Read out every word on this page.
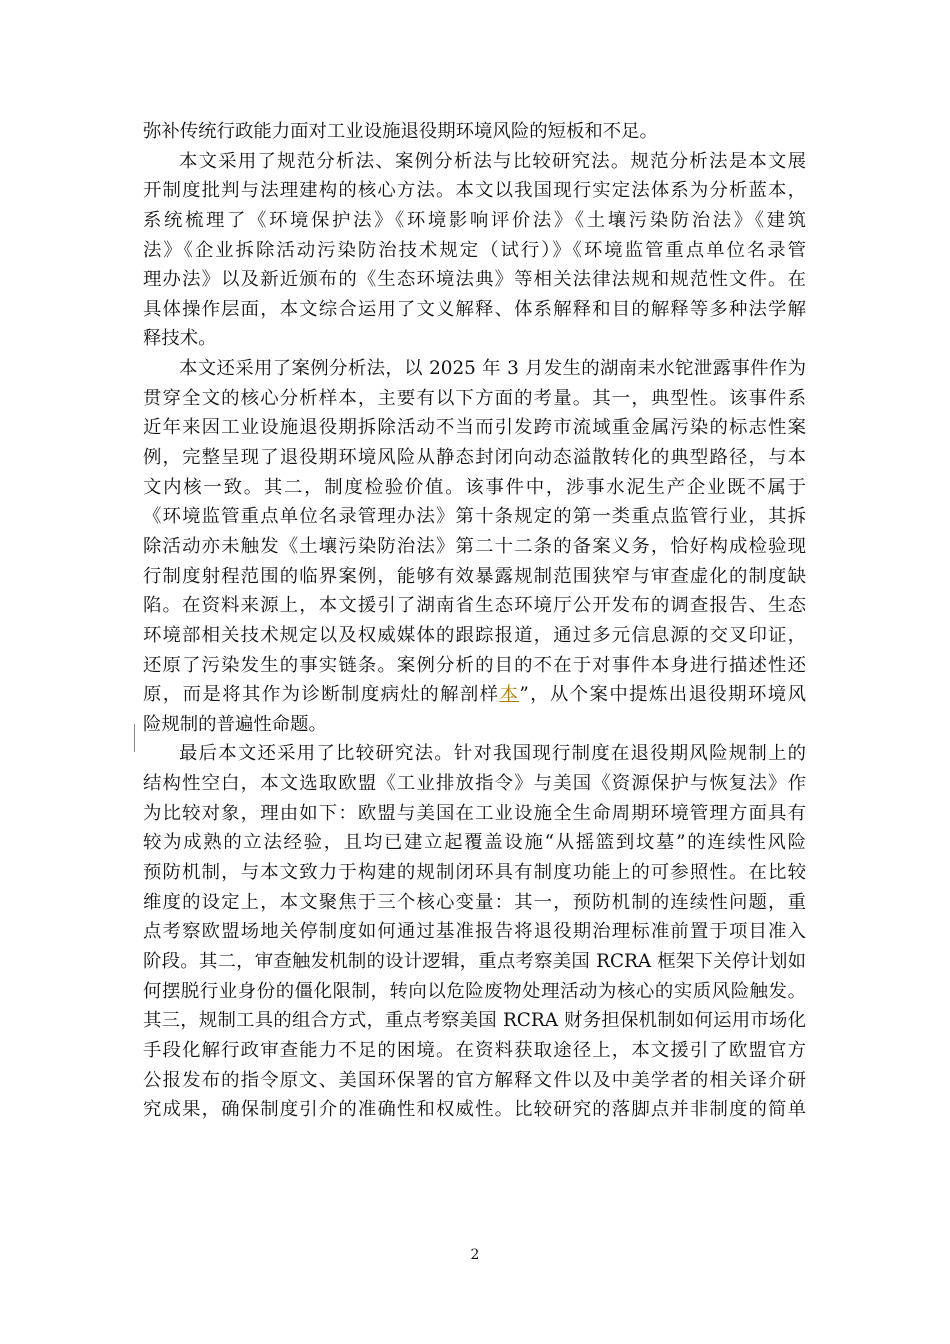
弥补传统行政能力面对工业设施退役期环境风险的短板和不足。
本文采用了规范分析法、案例分析法与比较研究法。规范分析法是本文展
开制度批判与法理建构的核心方法。本文以我国现行实定法体系为分析蓝本，
系统梳理了《环境保护法》《环境影响评价法》《土壤污染防治法》《建筑
法》《企业拆除活动污染防治技术规定（试行）》《环境监管重点单位名录管
理办法》以及新近颁布的《生态环境法典》等相关法律法规和规范性文件。在
具体操作层面，本文综合运用了文义解释、体系解释和目的解释等多种法学解
释技术。
本文还采用了案例分析法，以 2025 年 3 月发生的湖南耒水铊泄露事件作为
贯穿全文的核心分析样本，主要有以下方面的考量。其一，典型性。该事件系
近年来因工业设施退役期拆除活动不当而引发跨市流域重金属污染的标志性案
例，完整呈现了退役期环境风险从静态封闭向动态溢散转化的典型路径，与本
文内核一致。其二，制度检验价值。该事件中，涉事水泥生产企业既不属于
《环境监管重点单位名录管理办法》第十条规定的第一类重点监管行业，其拆
除活动亦未触发《土壤污染防治法》第二十二条的备案义务，恰好构成检验现
行制度射程范围的临界案例，能够有效暴露规制范围狭窄与审查虚化的制度缺
陷。在资料来源上，本文援引了湖南省生态环境厅公开发布的调查报告、生态
环境部相关技术规定以及权威媒体的跟踪报道，通过多元信息源的交叉印证，
还原了污染发生的事实链条。案例分析的目的不在于对事件本身进行描述性还
原，而是将其作为诊断制度病灶的解剖样本”，从个案中提炼出退役期环境风
险规制的普遍性命题。
最后本文还采用了比较研究法。针对我国现行制度在退役期风险规制上的
结构性空白，本文选取欧盟《工业排放指令》与美国《资源保护与恢复法》作
为比较对象，理由如下：欧盟与美国在工业设施全生命周期环境管理方面具有
较为成熟的立法经验，且均已建立起覆盖设施“从摇篮到坟墓”的连续性风险
预防机制，与本文致力于构建的规制闭环具有制度功能上的可参照性。在比较
维度的设定上，本文聚焦于三个核心变量：其一，预防机制的连续性问题，重
点考察欧盟场地关停制度如何通过基准报告将退役期治理标准前置于项目准入
阶段。其二，审查触发机制的设计逻辑，重点考察美国 RCRA 框架下关停计划如
何摆脱行业身份的僵化限制，转向以危险废物处理活动为核心的实质风险触发。
其三，规制工具的组合方式，重点考察美国 RCRA 财务担保机制如何运用市场化
手段化解行政审查能力不足的困境。在资料获取途径上，本文援引了欧盟官方
公报发布的指令原文、美国环保署的官方解释文件以及中美学者的相关译介研
究成果，确保制度引介的准确性和权威性。比较研究的落脚点并非制度的简单
2
